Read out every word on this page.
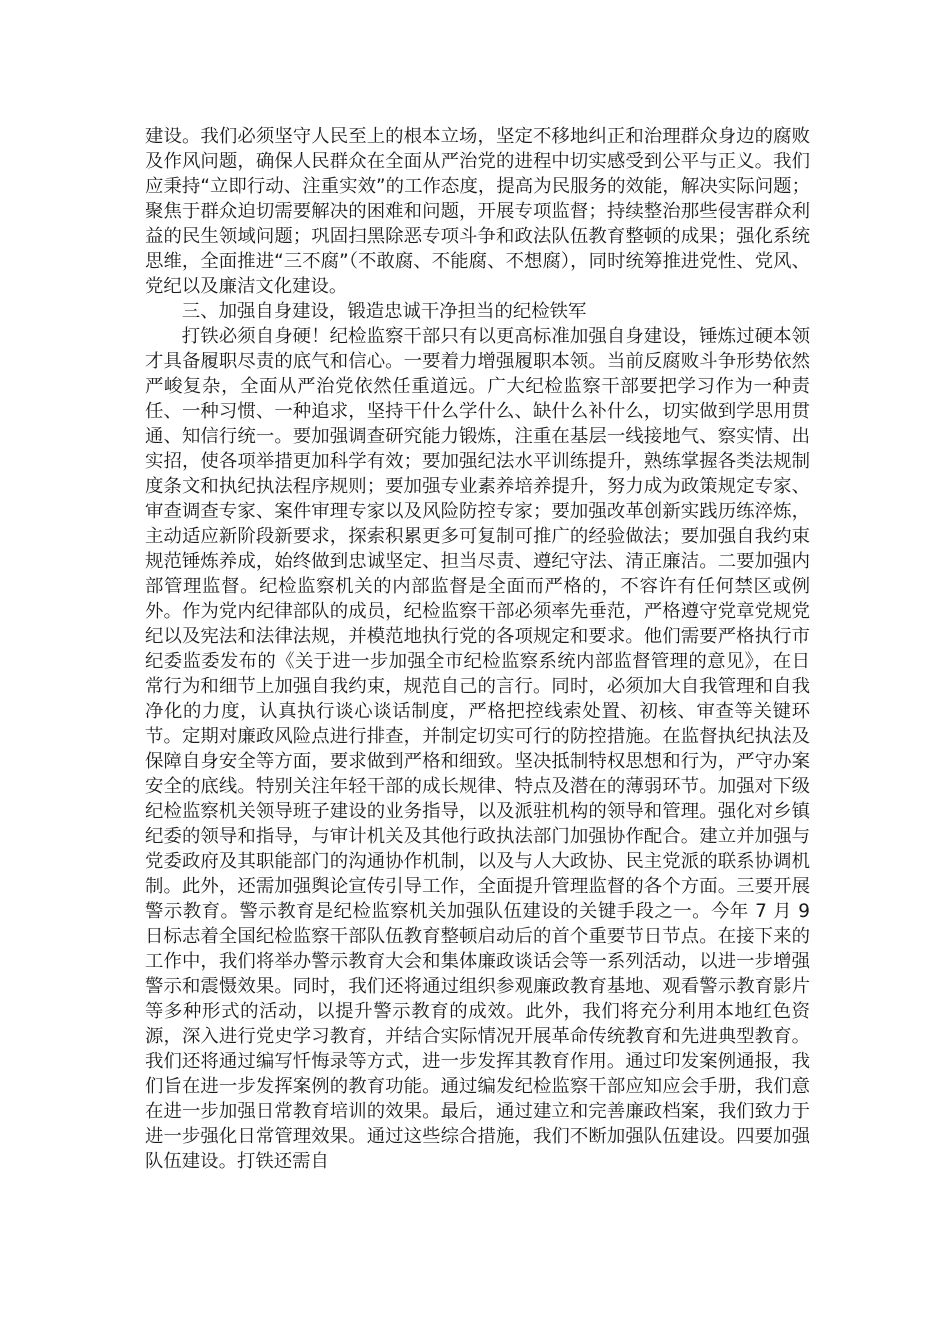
建设。我们必须坚守人民至上的根本立场，坚定不移地纠正和治理群众身边的腐败及作风问题，确保人民群众在全面从严治党的进程中切实感受到公平与正义。我们应秉持“立即行动、注重实效”的工作态度，提高为民服务的效能，解决实际问题；聚焦于群众迫切需要解决的困难和问题，开展专项监督；持续整治那些侵害群众利益的民生领域问题；巩固扫黑除恶专项斗争和政法队伍教育整顿的成果；强化系统思维，全面推进“三不腐”（不敢腐、不能腐、不想腐），同时统筹推进党性、党风、党纪以及廉洁文化建设。

三、加强自身建设，锻造忠诚干净担当的纪检铁军

打铁必须自身硬！纪检监察干部只有以更高标准加强自身建设，锤炼过硬本领才具备履职尽责的底气和信心。一要着力增强履职本领。当前反腐败斗争形势依然严峻复杂，全面从严治党依然任重道远。广大纪检监察干部要把学习作为一种责任、一种习惯、一种追求，坚持干什么学什么、缺什么补什么，切实做到学思用贯通、知信行统一。要加强调查研究能力锻炼，注重在基层一线接地气、察实情、出实招，使各项举措更加科学有效；要加强纪法水平训练提升，熟练掌握各类法规制度条文和执纪执法程序规则；要加强专业素养培养提升，努力成为政策规定专家、审查调查专家、案件审理专家以及风险防控专家；要加强改革创新实践历练淬炼，主动适应新阶段新要求，探索积累更多可复制可推广的经验做法；要加强自我约束规范锤炼养成，始终做到忠诚坚定、担当尽责、遵纪守法、清正廉洁。二要加强内部管理监督。纪检监察机关的内部监督是全面而严格的，不容许有任何禁区或例外。作为党内纪律部队的成员，纪检监察干部必须率先垂范，严格遵守党章党规党纪以及宪法和法律法规，并模范地执行党的各项规定和要求。他们需要严格执行市纪委监委发布的《关于进一步加强全市纪检监察系统内部监督管理的意见》，在日常行为和细节上加强自我约束，规范自己的言行。同时，必须加大自我管理和自我净化的力度，认真执行谈心谈话制度，严格把控线索处置、初核、审查等关键环节。定期对廉政风险点进行排查，并制定切实可行的防控措施。在监督执纪执法及保障自身安全等方面，要求做到严格和细致。坚决抵制特权思想和行为，严守办案安全的底线。特别关注年轻干部的成长规律、特点及潜在的薄弱环节。加强对下级纪检监察机关领导班子建设的业务指导，以及派驻机构的领导和管理。强化对乡镇纪委的领导和指导，与审计机关及其他行政执法部门加强协作配合。建立并加强与党委政府及其职能部门的沟通协作机制，以及与人大政协、民主党派的联系协调机制。此外，还需加强舆论宣传引导工作，全面提升管理监督的各个方面。三要开展警示教育。警示教育是纪检监察机关加强队伍建设的关键手段之一。今年 7 月 9 日标志着全国纪检监察干部队伍教育整顿启动后的首个重要节日节点。在接下来的工作中，我们将举办警示教育大会和集体廉政谈话会等一系列活动，以进一步增强警示和震慑效果。同时，我们还将通过组织参观廉政教育基地、观看警示教育影片等多种形式的活动，以提升警示教育的成效。此外，我们将充分利用本地红色资源，深入进行党史学习教育，并结合实际情况开展革命传统教育和先进典型教育。我们还将通过编写忏悔录等方式，进一步发挥其教育作用。通过印发案例通报，我们旨在进一步发挥案例的教育功能。通过编发纪检监察干部应知应会手册，我们意在进一步加强日常教育培训的效果。最后，通过建立和完善廉政档案，我们致力于进一步强化日常管理效果。通过这些综合措施，我们不断加强队伍建设。四要加强队伍建设。打铁还需自
